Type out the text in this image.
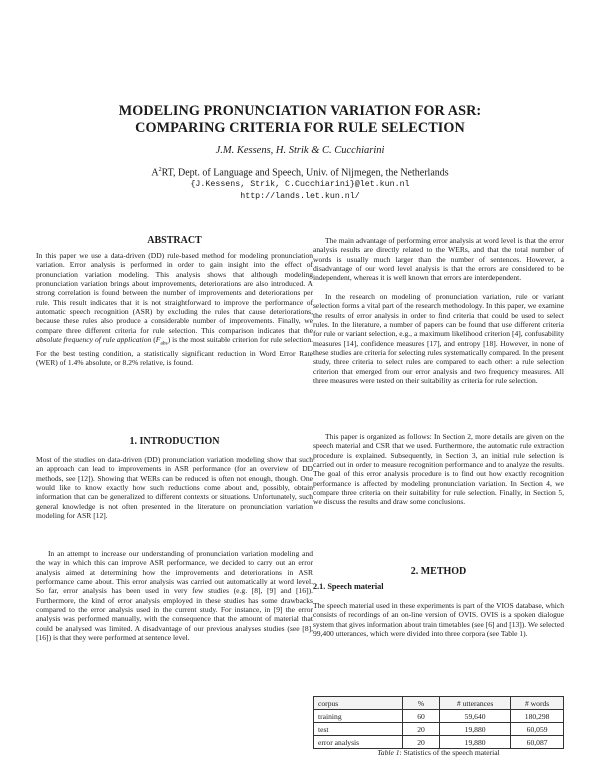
MODELING PRONUNCIATION VARIATION FOR ASR:
COMPARING CRITERIA FOR RULE SELECTION
J.M. Kessens, H. Strik & C. Cucchiarini
$A^2RT$, Dept. of Language and Speech, Univ. of Nijmegen, the Netherlands
{J.Kessens, Strik, C.Cucchiarini}@let.kun.nl
http://lands.let.kun.nl/
ABSTRACT

In this paper we use a data-driven (DD) rule-based method for modeling pronunciation variation. Error analysis is performed in order to gain insight into the effect of pronunciation variation modeling. This analysis shows that although modeling pronunciation variation brings about improvements, deteriorations are also introduced. A strong correlation is found between the number of improvements and deteriorations per rule. This result indicates that it is not straightforward to improve the performance of automatic speech recognition (ASR) by excluding the rules that cause deteriorations, because these rules also produce a considerable number of improvements. Finally, we compare three different criteria for rule selection. This comparison indicates that the absolute frequency of rule application $(F_{abs})$ is the most suitable criterion for rule selection. For the best testing condition, a statistically significant reduction in Word Error Rate (WER) of 1.4% absolute, or 8.2% relative, is found.

1. INTRODUCTION

Most of the studies on data-driven (DD) pronunciation variation modeling show that such an approach can lead to improvements in ASR performance (for an overview of DD methods, see [12]). Showing that WERs can be reduced is often not enough, though. One would like to know exactly how such reductions come about and, possibly, obtain information that can be generalized to different contexts or situations. Unfortunately, such general knowledge is not often presented in the literature on pronunciation variation modeling for ASR [12].

In an attempt to increase our understanding of pronunciation variation modeling and the way in which this can improve ASR performance, we decided to carry out an error analysis aimed at determining how the improvements and deteriorations in ASR performance came about. This error analysis was carried out automatically at word level. So far, error analysis has been used in very few studies (e.g. [8], [9] and [16]). Furthermore, the kind of error analysis employed in these studies has some drawbacks compared to the error analysis used in the current study. For instance, in [9] the error analysis was performed manually, with the consequence that the amount of material that could be analysed was limited. A disadvantage of our previous analyses studies (see [8], [16]) is that they were performed at sentence level.

The main advantage of performing error analysis at word level is that the error analysis results are directly related to the WERs, and that the total number of words is usually much larger than the number of sentences. However, a disadvantage of our word level analysis is that the errors are considered to be independent, whereas it is well known that errors are interdependent.

In the research on modeling of pronunciation variation, rule or variant selection forms a vital part of the research methodology. In this paper, we examine the results of error analysis in order to find criteria that could be used to select rules. In the literature, a number of papers can be found that use different criteria for rule or variant selection, e.g., a maximum likelihood criterion [4], confusability measures [14], confidence measures [17], and entropy [18]. However, in none of these studies are criteria for selecting rules systematically compared. In the present study, three criteria to select rules are compared to each other: a rule selection criterion that emerged from our error analysis and two frequency measures. All three measures were tested on their suitability as criteria for rule selection.

This paper is organized as follows: In Section 2, more details are given on the speech material and CSR that we used. Furthermore, the automatic rule extraction procedure is explained. Subsequently, in Section 3, an initial rule selection is carried out in order to measure recognition performance and to analyze the results. The goal of this error analysis procedure is to find out how exactly recognition performance is affected by modeling pronunciation variation. In Section 4, we compare three criteria on their suitability for rule selection. Finally, in Section 5, we discuss the results and draw some conclusions.

2. METHOD
2.1. Speech material

The speech material used in these experiments is part of the VIOS database, which consists of recordings of an on-line version of OVIS. OVIS is a spoken dialogue system that gives information about train timetables (see [6] and [13]). We selected 99,400 utterances, which were divided into three corpora (see Table 1).

corpus	%	# utterances	# words
training	60	59,640	180,298
test	20	19,880	60,059
error analysis	20	19,880	60,087
Table 1: Statistics of the speech material
